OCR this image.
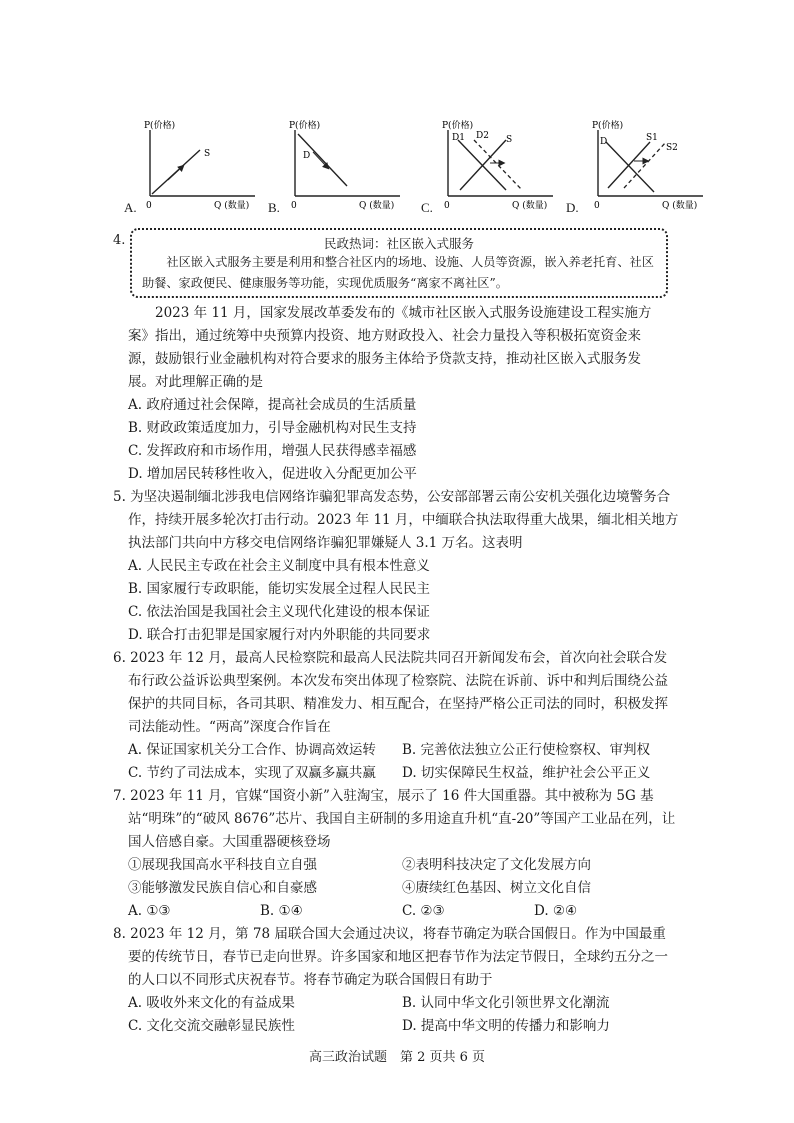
P(价格)
S
0	Q (数量)
A.
P(价格)
D
0	Q (数量)
B.
P(价格)
D1 D2 S
0	Q (数量)
C.
P(价格)
D	S1
S2
0	Q (数量)
D.
4.	民政热词：社区嵌入式服务
社区嵌入式服务主要是利用和整合社区内的场地、设施、人员等资源，嵌入养老托育、社区助餐、家政便民、健康服务等功能，实现优质服务“离家不离社区”。
2023 年 11 月，国家发展改革委发布的《城市社区嵌入式服务设施建设工程实施方案》指出，通过统筹中央预算内投资、地方财政投入、社会力量投入等积极拓宽资金来源，鼓励银行业金融机构对符合要求的服务主体给予贷款支持，推动社区嵌入式服务发展。对此理解正确的是
A. 政府通过社会保障，提高社会成员的生活质量
B. 财政政策适度加力，引导金融机构对民生支持
C. 发挥政府和市场作用，增强人民获得感幸福感
D. 增加居民转移性收入，促进收入分配更加公平
5. 为坚决遏制缅北涉我电信网络诈骗犯罪高发态势，公安部部署云南公安机关强化边境警务合作，持续开展多轮次打击行动。2023 年 11 月，中缅联合执法取得重大战果，缅北相关地方执法部门共向中方移交电信网络诈骗犯罪嫌疑人 3.1 万名。这表明
A. 人民民主专政在社会主义制度中具有根本性意义
B. 国家履行专政职能，能切实发展全过程人民民主
C. 依法治国是我国社会主义现代化建设的根本保证
D. 联合打击犯罪是国家履行对内外职能的共同要求
6. 2023 年 12 月，最高人民检察院和最高人民法院共同召开新闻发布会，首次向社会联合发布行政公益诉讼典型案例。本次发布突出体现了检察院、法院在诉前、诉中和判后围绕公益保护的共同目标，各司其职、精准发力、相互配合，在坚持严格公正司法的同时，积极发挥司法能动性。“两高”深度合作旨在
A. 保证国家机关分工合作、协调高效运转 B. 完善依法独立公正行使检察权、审判权
C. 节约了司法成本，实现了双赢多赢共赢 D. 切实保障民生权益，维护社会公平正义
7. 2023 年 11 月，官媒“国资小新”入驻淘宝，展示了 16 件大国重器。其中被称为 5G 基站“明珠”的“破风 8676”芯片、我国自主研制的多用途直升机“直-20”等国产工业品在列，让国人倍感自豪。大国重器硬核登场
①展现我国高水平科技自立自强	②表明科技决定了文化发展方向
③能够激发民族自信心和自豪感	④赓续红色基因、树立文化自信
A. ①③	B. ①④	C. ②③	D. ②④
8. 2023 年 12 月，第 78 届联合国大会通过决议，将春节确定为联合国假日。作为中国最重要的传统节日，春节已走向世界。许多国家和地区把春节作为法定节假日，全球约五分之一的人口以不同形式庆祝春节。将春节确定为联合国假日有助于
A. 吸收外来文化的有益成果	B. 认同中华文化引领世界文化潮流
C. 文化交流交融彰显民族性	D. 提高中华文明的传播力和影响力
高三政治试题　第 2 页共 6 页
